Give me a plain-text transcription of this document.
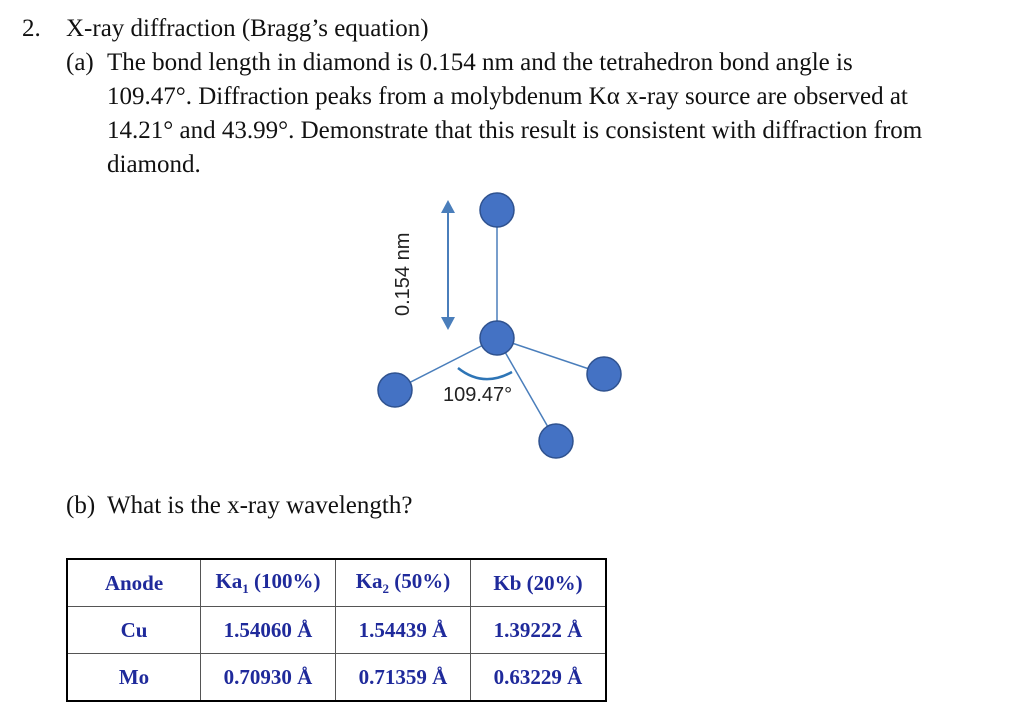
2. X-ray diffraction (Bragg’s equation)
(a) The bond length in diamond is 0.154 nm and the tetrahedron bond angle is
109.47°. Diffraction peaks from a molybdenum Kα x-ray source are observed at
14.21° and 43.99°. Demonstrate that this result is consistent with diffraction from
diamond.
0.154 nm
109.47°
(b) What is the x-ray wavelength?
Anode	$Ka_1$ (100%)	$Ka_2$ (50%)	Kb (20%)
Cu	1.54060 Å	1.54439 Å	1.39222 Å
Mo	0.70930 Å	0.71359 Å	0.63229 Å
